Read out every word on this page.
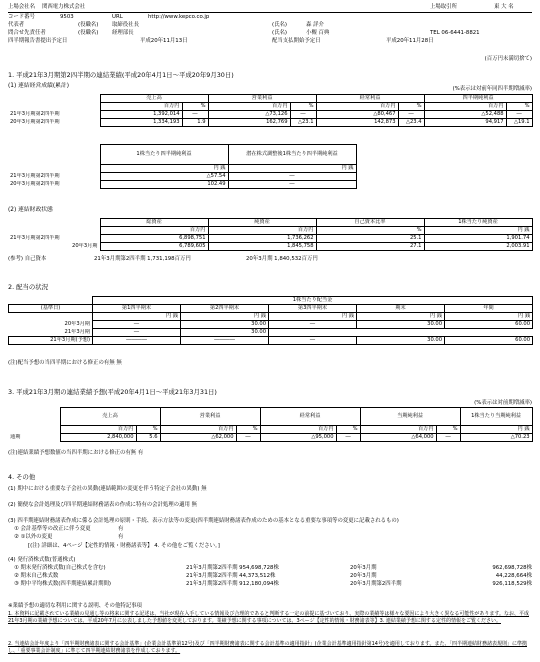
上場会社名 関西電力株式会社	上場取引所	東 大 名
コード番号	9503	URL	http://www.kepco.co.jp
代表者	(役職名)	取締役社長	(氏名)	森 詳介
問合せ先責任者	(役職名)	経理部長	(氏名)	小槻 百典	TEL 06-6441-8821
四半期報告書提出予定日	平成20年11月13日	配当支払開始予定日	平成20年11月28日
(百万円未満切捨て)
1. 平成21年3月期第2四半期の連結業績(平成20年4月1日～平成20年9月30日)
(1) 連結経営成績(累計)	(%表示は対前年同四半期増減率)
	売上高		営業利益		経常利益		四半期純利益	
	百万円	%	百万円	%	百万円	%	百万円	%
21年3月期第2四半期	1,392,014	―	△73,126	―	△80,467	―	△52,488	―
20年3月期第2四半期	1,334,193	1.9	162,769	△23.1	142,873	△23.4	94,917	△19.1
	1株当たり四半期純利益	潜在株式調整後1株当たり四半期純利益
	円 銭	円 銭
21年3月期第2四半期	△57.54	―
20年3月期第2四半期	102.49	―
(2) 連結財政状態
	総資産	純資産	自己資本比率	1株当たり純資産
	百万円	百万円	%	円 銭
21年3月期第2四半期	6,898,751	1,736,262	25.1	1,901.74
20年3月期	6,789,605	1,845,758	27.1	2,003.91
(参考) 自己資本	21年3月期第2四半期 1,731,198百万円	20年3月期 1,840,532百万円
2. 配当の状況
	1株当たり配当金				
(基準日)	第1四半期末	第2四半期末	第3四半期末	期末	年間
	円 銭	円 銭	円 銭	円 銭	円 銭
20年3月期	―	30.00	―	30.00	60.00
21年3月期	―	30.00			
21年3月期(予想)	――――	――――	―	30.00	60.00
(注)配当予想の当四半期における修正の有無 無
3. 平成21年3月期の連結業績予想(平成20年4月1日～平成21年3月31日)
(%表示は対前期増減率)
	売上高		営業利益		経常利益		当期純利益		1株当たり当期純利益
	百万円	%	百万円	%	百万円	%	百万円	%	円 銭
通期	2,840,000	5.6	△62,000	―	△95,000	―	△64,000	―	△70.23
(注)連結業績予想数値の当四半期における修正の有無 有
4. その他
(1) 期中における重要な子会社の異動(連結範囲の変更を伴う特定子会社の異動) 無
(2) 簡便な会計処理及び四半期連結財務諸表の作成に特有の会計処理の適用 無
(3) 四半期連結財務諸表作成に係る会計処理の原則・手続、表示方法等の変更(四半期連結財務諸表作成のための基本となる重要な事項等の変更に記載されるもの)
① 会計基準等の改正に伴う変更	有
② ①以外の変更	有
[(注) 詳細は、4ページ【定性的情報・財務諸表等】 4. その他をご覧ください。]
(4) 発行済株式数(普通株式)
① 期末発行済株式数(自己株式を含む)	21年3月期第2四半期 954,698,728株	20年3月期	962,698,728株
② 期末自己株式数	21年3月期第2四半期 44,373,512株	20年3月期	44,228,664株
③ 期中平均株式数(四半期連結累計期間)	21年3月期第2四半期 912,180,094株	20年3月期第2四半期	926,118,529株
※業績予想の適切な利用に関する説明、その他特記事項
1. 本資料に記載されている業績の見通し等の将来に関する記述は、当社が現在入手している情報及び合理的であると判断する一定の前提に基づいており、実際の業績等は様々な要因により大きく異なる可能性があります。なお、平成21年3月期の業績予想については、平成20年7月に公表しました予想値を変更しております。業績予想に関する事項については、3ページ【定性的情報・財務諸表等】3. 連結業績予想に関する定性的情報をご覧ください。
2. 当連結会計年度より「四半期財務諸表に関する会計基準」(企業会計基準第12号)及び「四半期財務諸表に関する会計基準の適用指針」(企業会計基準適用指針第14号)を適用しております。また、「四半期連結財務諸表規則」に準拠し、「重要事業会計制度」に準じて四半期連結財務諸表を作成しております。
